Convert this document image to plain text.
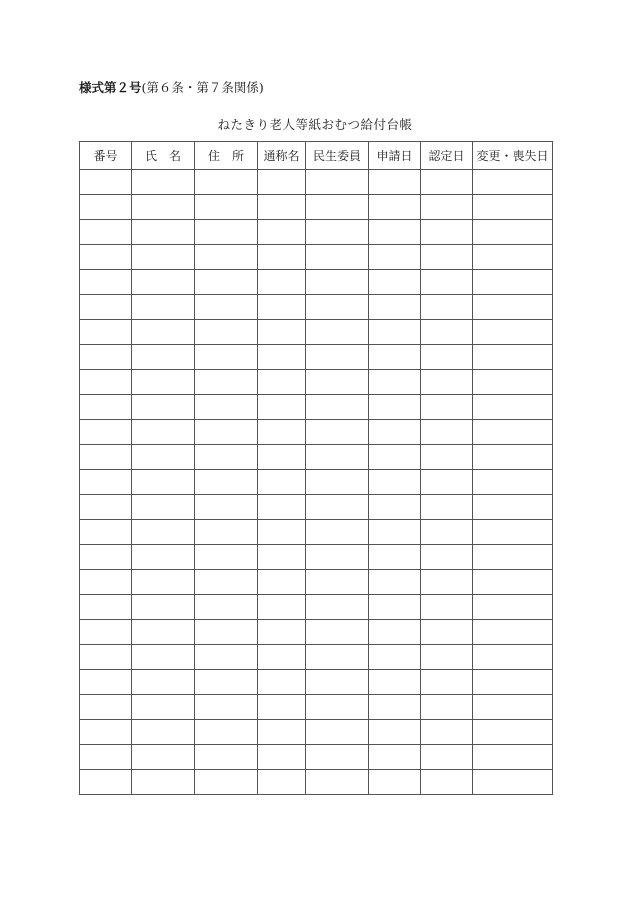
様式第２号(第６条・第７条関係)
ねたきり老人等紙おむつ給付台帳
番号	氏　名	住　所	通称名	民生委員	申請日	認定日	変更・喪失日
